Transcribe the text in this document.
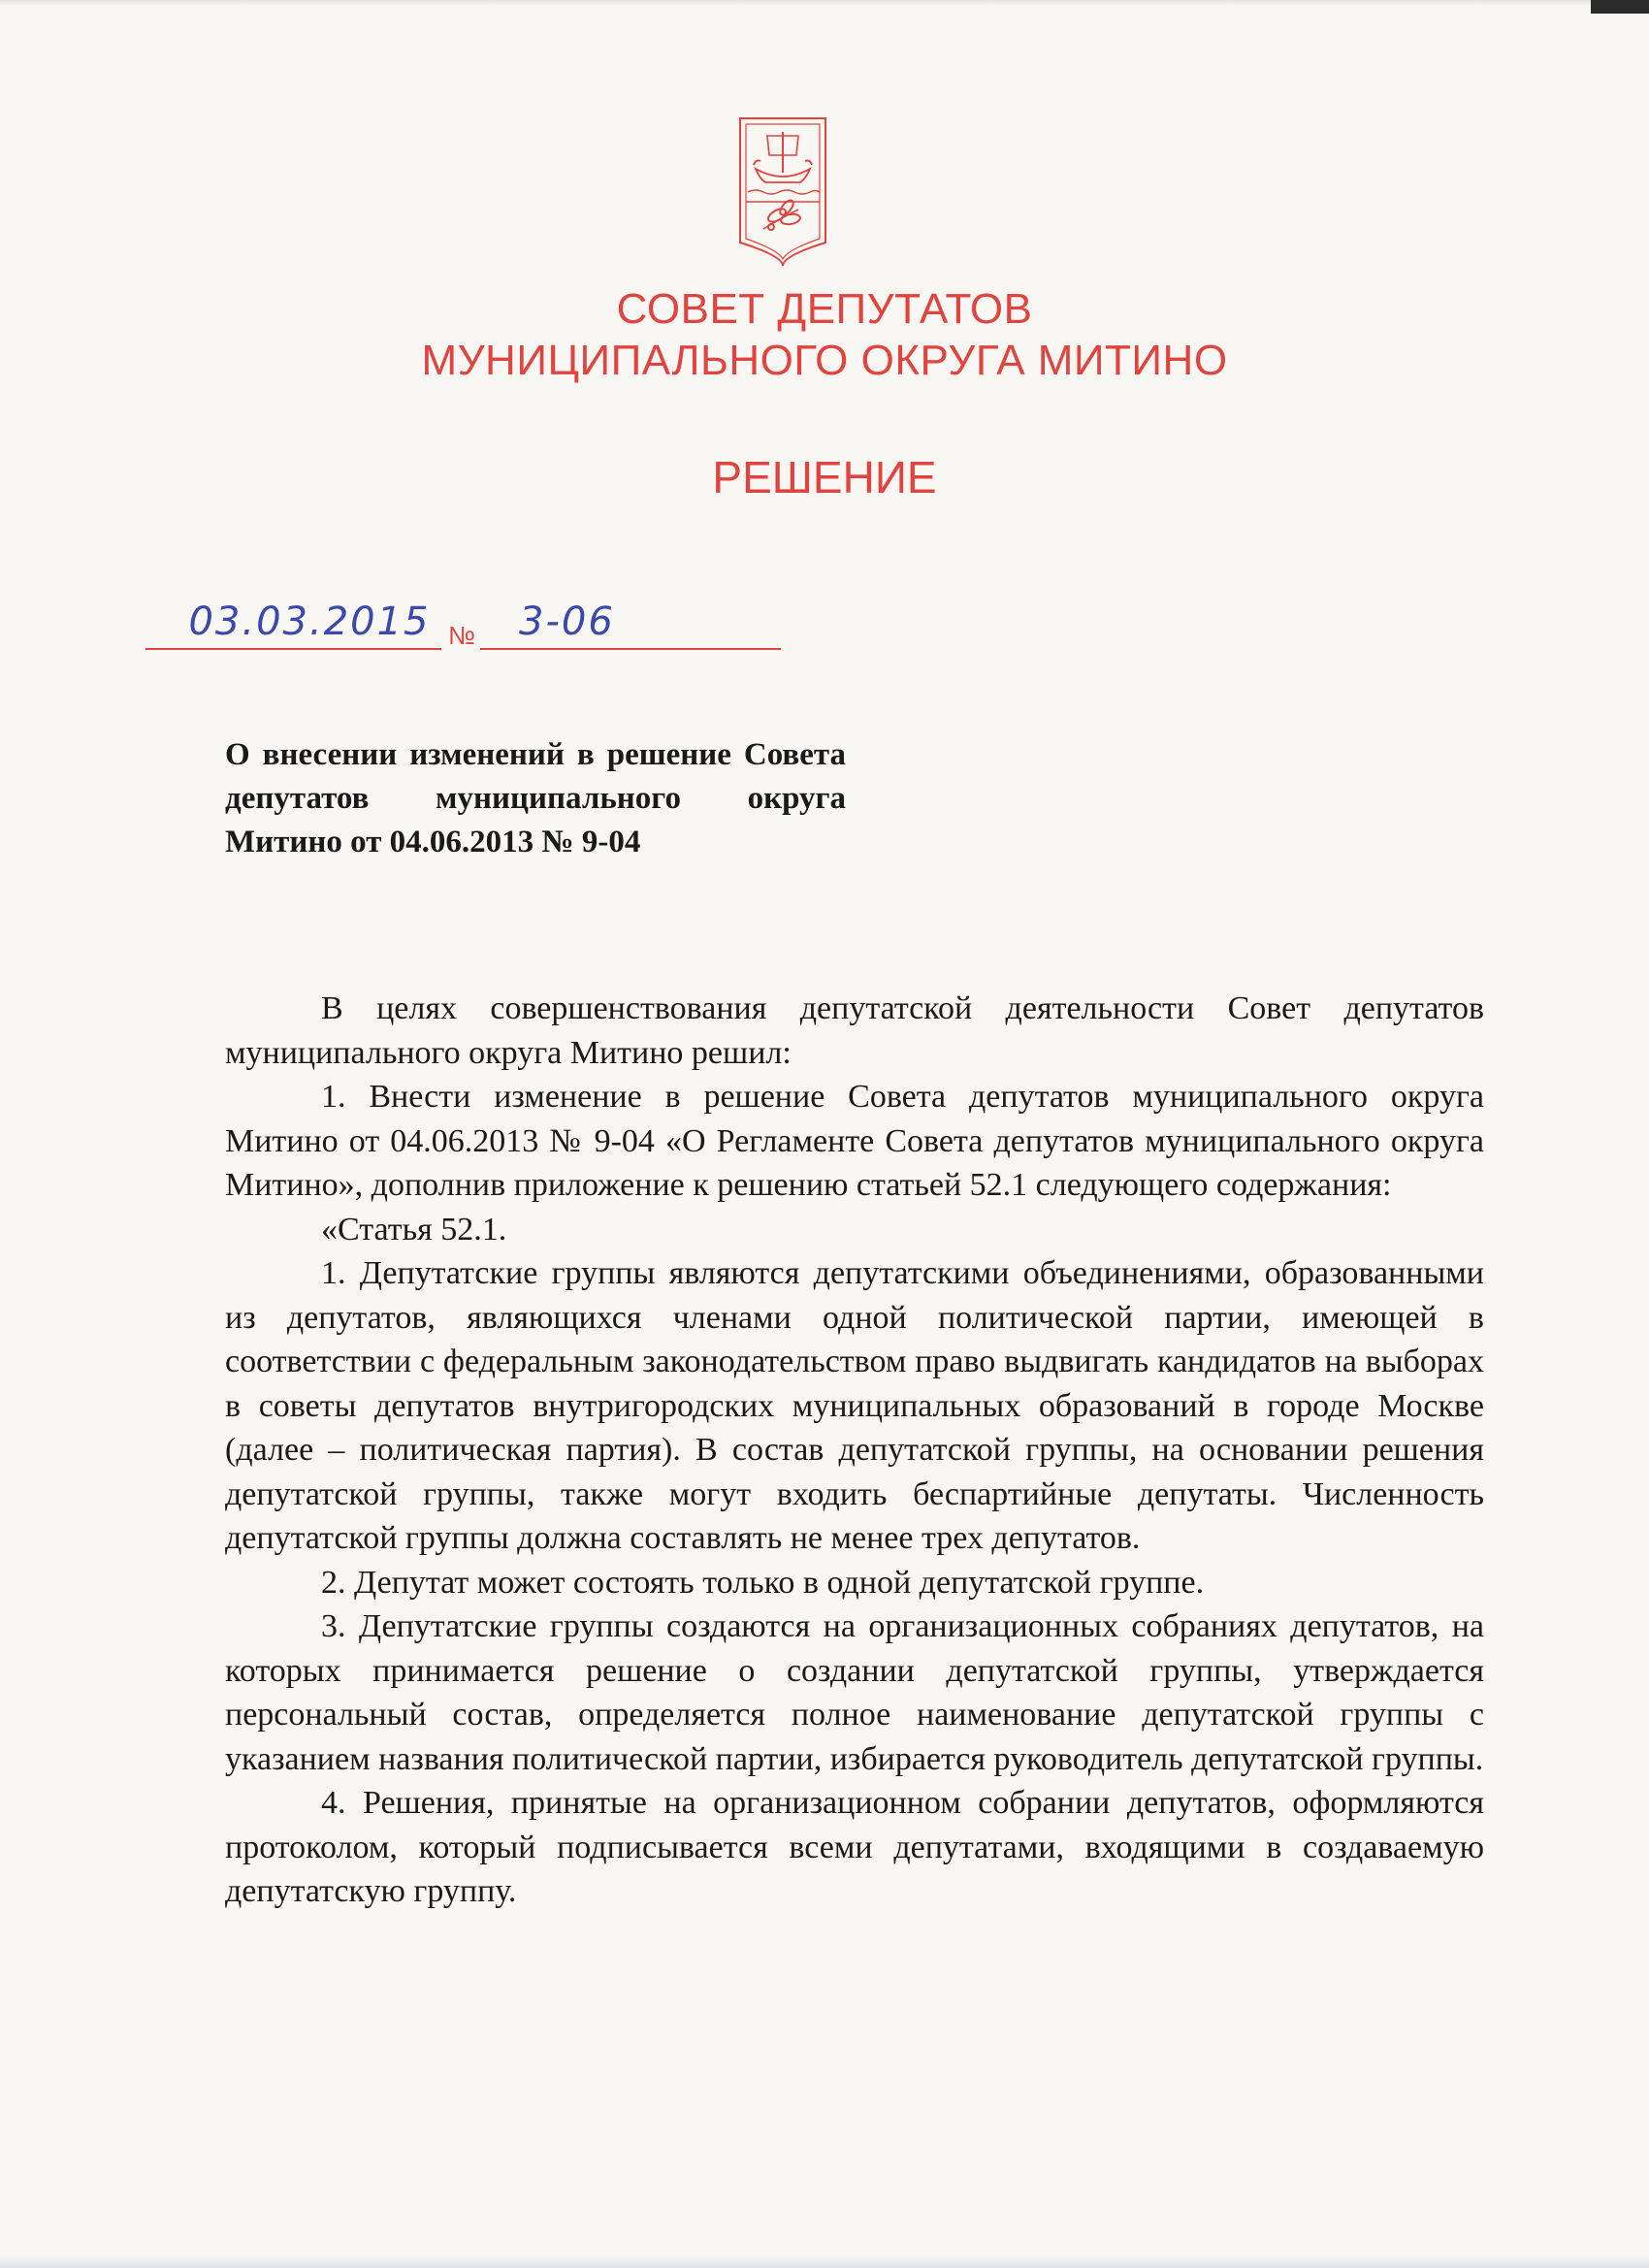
СОВЕТ ДЕПУТАТОВ
МУНИЦИПАЛЬНОГО ОКРУГА МИТИНО
РЕШЕНИЕ
03.03.2015 № 3-06
О внесении изменений в решение Совета депутатов муниципального округа Митино от 04.06.2013 № 9-04

В целях совершенствования депутатской деятельности Совет депутатов муниципального округа Митино решил:

1. Внести изменение в решение Совета депутатов муниципального округа Митино от 04.06.2013 № 9-04 «О Регламенте Совета депутатов муниципального округа Митино», дополнив приложение к решению статьей 52.1 следующего содержания:

«Статья 52.1.

1. Депутатские группы являются депутатскими объединениями, образованными из депутатов, являющихся членами одной политической партии, имеющей в соответствии с федеральным законодательством право выдвигать кандидатов на выборах в советы депутатов внутригородских муниципальных образований в городе Москве (далее – политическая партия). В состав депутатской группы, на основании решения депутатской группы, также могут входить беспартийные депутаты. Численность депутатской группы должна составлять не менее трех депутатов.

2. Депутат может состоять только в одной депутатской группе.

3. Депутатские группы создаются на организационных собраниях депутатов, на которых принимается решение о создании депутатской группы, утверждается персональный состав, определяется полное наименование депутатской группы с указанием названия политической партии, избирается руководитель депутатской группы.

4. Решения, принятые на организационном собрании депутатов, оформляются протоколом, который подписывается всеми депутатами, входящими в создаваемую депутатскую группу.
